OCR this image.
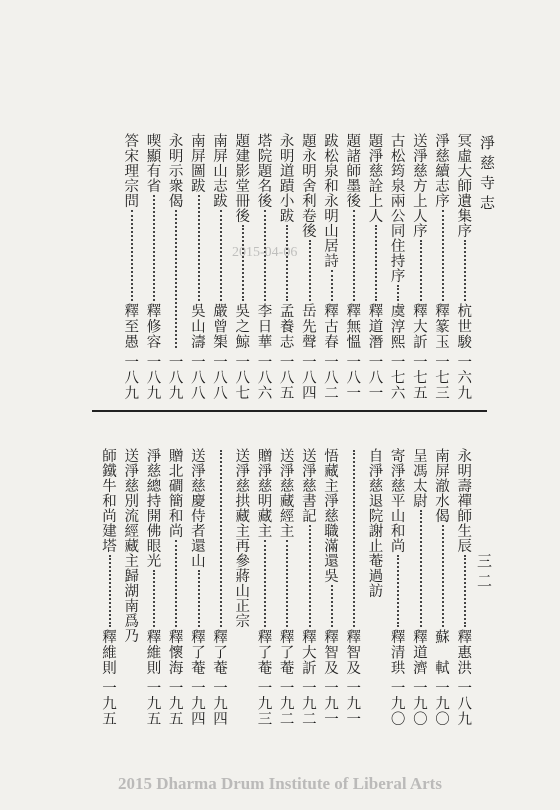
淨慈寺志
三二
冥虛大師遺集序
杭世駿
一六九
淨慈續志序
釋篆玉
一七三
送淨慈方上人序
釋大訢
一七五
古松筠泉兩公同住持序
虞淳熙
一七六
題淨慈詮上人
釋道潛
一八一
題諸師墨後
釋無慍
一八一
跋松泉和永明山居詩
釋古春
一八二
題永明舍利卷後
岳先聲
一八四
永明道蹟小跋
孟養志
一八五
塔院題名後
李日華
一八六
題建影堂冊後
吳之鯨
一八七
南屏山志跋
嚴曾榘
一八八
南屏圖跋
吳山濤
一八八
永明示衆偈
一八九
喫顯有省
釋修容
一八九
答宋理宗問
釋至愚
一八九
永明壽禪師生辰
釋惠洪
一八九
南屏澈水偈
蘇　軾
一九〇
呈馮太尉
釋道濟
一九〇
寄淨慈平山和尚
釋清珙
一九〇
自淨慈退院謝止菴過訪
釋智及
一九一
悟藏主淨慈職滿還吳
釋智及
一九一
送淨慈書記
釋大訢
一九二
送淨慈藏經主
釋了菴
一九二
贈淨慈明藏主
釋了菴
一九三
送淨慈拱藏主再參蔣山正宗
釋了菴
一九四
送淨慈慶侍者還山
釋了菴
一九四
贈北磵簡和尚
釋懷海
一九五
淨慈總持開佛眼光
釋維則
一九五
送淨慈別流經藏主歸湖南爲乃
師鐵牛和尚建塔
釋維則
一九五
2015-04-06
2015 Dharma Drum Institute of Liberal Arts
